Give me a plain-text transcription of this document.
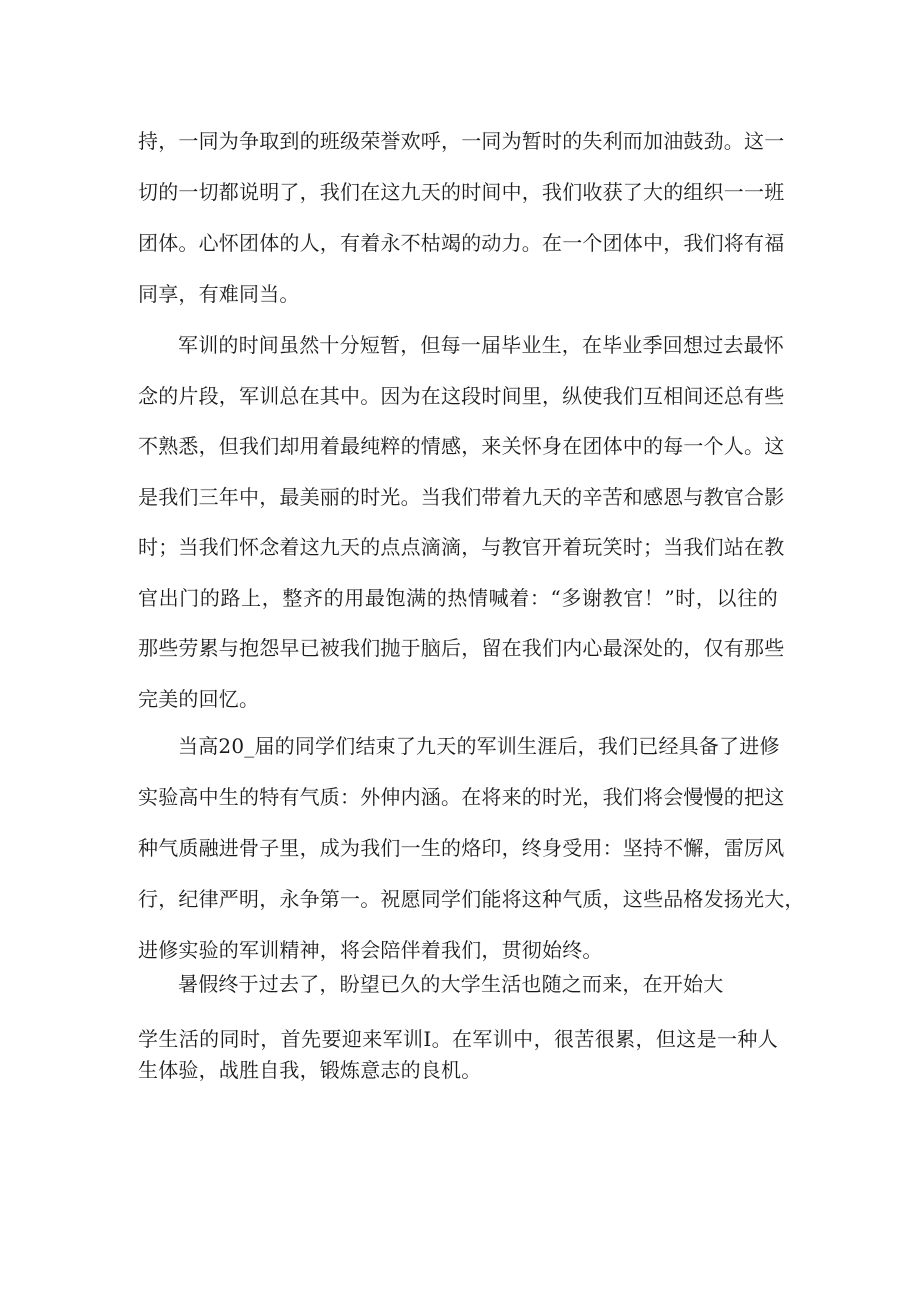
持，一同为争取到的班级荣誉欢呼，一同为暂时的失利而加油鼓劲。这一
切的一切都说明了，我们在这九天的时间中，我们收获了大的组织一一班
团体。心怀团体的人，有着永不枯竭的动力。在一个团体中，我们将有福
同享，有难同当。
军训的时间虽然十分短暂，但每一届毕业生，在毕业季回想过去最怀
念的片段，军训总在其中。因为在这段时间里，纵使我们互相间还总有些
不熟悉，但我们却用着最纯粹的情感，来关怀身在团体中的每一个人。这
是我们三年中，最美丽的时光。当我们带着九天的辛苦和感恩与教官合影
时；当我们怀念着这九天的点点滴滴，与教官开着玩笑时；当我们站在教
官出门的路上，整齐的用最饱满的热情喊着：“多谢教官！”时，以往的
那些劳累与抱怨早已被我们抛于脑后，留在我们内心最深处的，仅有那些
完美的回忆。
当高20_届的同学们结束了九天的军训生涯后，我们已经具备了进修
实验高中生的特有气质：外伸内涵。在将来的时光，我们将会慢慢的把这
种气质融进骨子里，成为我们一生的烙印，终身受用：坚持不懈，雷厉风
行，纪律严明，永争第一。祝愿同学们能将这种气质，这些品格发扬光大，
进修实验的军训精神，将会陪伴着我们，贯彻始终。
暑假终于过去了，盼望已久的大学生活也随之而来，在开始大
学生活的同时，首先要迎来军训I。在军训中，很苦很累，但这是一种人
生体验，战胜自我，锻炼意志的良机。
